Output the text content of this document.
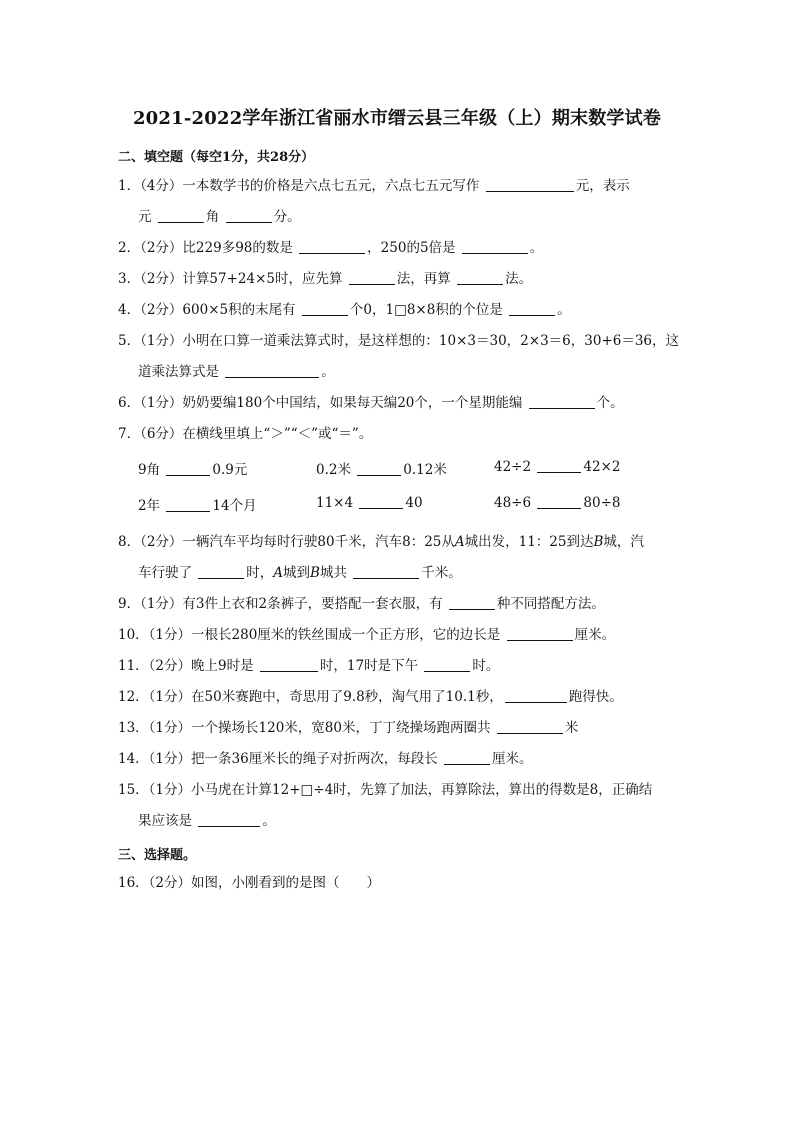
2021-2022学年浙江省丽水市缙云县三年级（上）期末数学试卷
二、填空题（每空1分，共28分）
1．（4分）一本数学书的价格是六点七五元，六点七五元写作	元，表示
元	角	分。
2．（2分）比229多98的数是	，250的5倍是	。
3．（2分）计算57+24×5时，应先算	法，再算	法。
4．（2分）600×5积的末尾有	个0，1□8×8积的个位是	。
5．（1分）小明在口算一道乘法算式时，是这样想的：10×3＝30，2×3＝6，30+6＝36，这
道乘法算式是	。
6．（1分）奶奶要编180个中国结，如果每天编20个，一个星期能编	个。
7．（6分）在横线里填上“＞”“＜”或“＝”。
9角	0.9元	0.2米	0.12米	42÷2	42×2
2年	14个月	11×4	40	48÷6	80÷8
8．（2分）一辆汽车平均每时行驶80千米，汽车8：25从A城出发，11：25到达B城，汽
车行驶了	时，A城到B城共	千米。
9．（1分）有3件上衣和2条裤子，要搭配一套衣服，有	种不同搭配方法。
10．（1分）一根长280厘米的铁丝围成一个正方形，它的边长是	厘米。
11．（2分）晚上9时是	时，17时是下午	时。
12．（1分）在50米赛跑中，奇思用了9.8秒，淘气用了10.1秒，	跑得快。
13．（1分）一个操场长120米，宽80米，丁丁绕操场跑两圈共	米
14．（1分）把一条36厘米长的绳子对折两次，每段长	厘米。
15．（1分）小马虎在计算12+□÷4时，先算了加法，再算除法，算出的得数是8，正确结
果应该是	。
三、选择题。
16．（2分）如图，小刚看到的是图（　　）
